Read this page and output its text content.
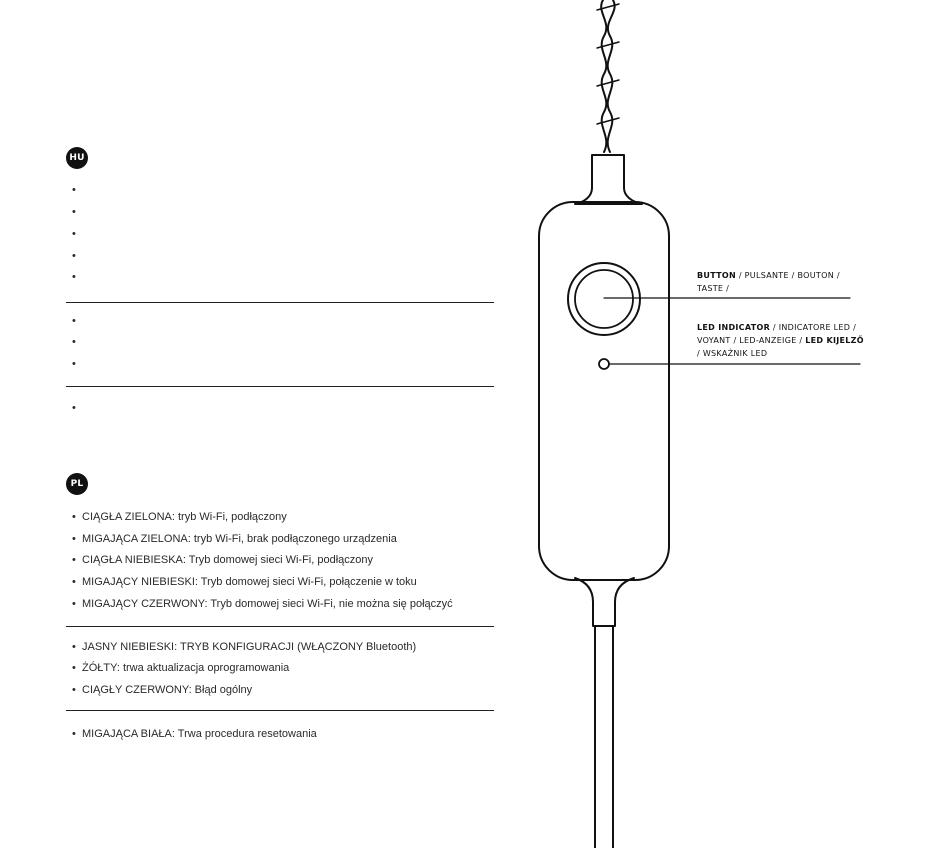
HU
•
•
•
•
•
•
•
•
•
PL
• CIĄGŁA ZIELONA: tryb Wi-Fi, podłączony
• MIGAJĄCA ZIELONA: tryb Wi-Fi, brak podłączonego urządzenia
• CIĄGŁA NIEBIESKA: Tryb domowej sieci Wi-Fi, podłączony
• MIGAJĄCY NIEBIESKI: Tryb domowej sieci Wi-Fi, połączenie w toku
• MIGAJĄCY CZERWONY: Tryb domowej sieci Wi-Fi, nie można się połączyć
• JASNY NIEBIESKI: TRYB KONFIGURACJI (WŁĄCZONY Bluetooth)
• ŻÓŁTY: trwa aktualizacja oprogramowania
• CIĄGŁY CZERWONY: Błąd ogólny
• MIGAJĄCA BIAŁA: Trwa procedura resetowania
BUTTON / PULSANTE / BOUTON /
TASTE /
LED INDICATOR / INDICATORE LED /
VOYANT / LED-ANZEIGE / LED KIJELZŐ
/ WSKAŹNIK LED
